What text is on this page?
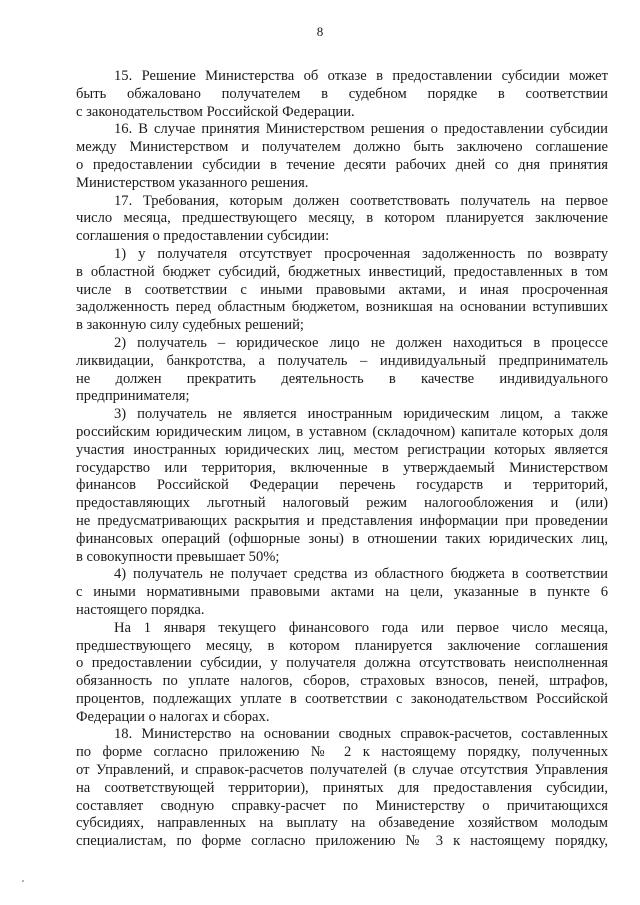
8
15. Решение Министерства об отказе в предоставлении субсидии может
быть обжаловано получателем в судебном порядке в соответствии
с законодательством Российской Федерации.
16. В случае принятия Министерством решения о предоставлении субсидии
между Министерством и получателем должно быть заключено соглашение
о предоставлении субсидии в течение десяти рабочих дней со дня принятия
Министерством указанного решения.
17. Требования, которым должен соответствовать получатель на первое
число месяца, предшествующего месяцу, в котором планируется заключение
соглашения о предоставлении субсидии:
1) у получателя отсутствует просроченная задолженность по возврату
в областной бюджет субсидий, бюджетных инвестиций, предоставленных в том
числе в соответствии с иными правовыми актами, и иная просроченная
задолженность перед областным бюджетом, возникшая на основании вступивших
в законную силу судебных решений;
2) получатель – юридическое лицо не должен находиться в процессе
ликвидации, банкротства, а получатель – индивидуальный предприниматель
не должен прекратить деятельность в качестве индивидуального
предпринимателя;
3) получатель не является иностранным юридическим лицом, а также
российским юридическим лицом, в уставном (складочном) капитале которых доля
участия иностранных юридических лиц, местом регистрации которых является
государство или территория, включенные в утверждаемый Министерством
финансов Российской Федерации перечень государств и территорий,
предоставляющих льготный налоговый режим налогообложения и (или)
не предусматривающих раскрытия и представления информации при проведении
финансовых операций (офшорные зоны) в отношении таких юридических лиц,
в совокупности превышает 50%;
4) получатель не получает средства из областного бюджета в соответствии
с иными нормативными правовыми актами на цели, указанные в пункте 6
настоящего порядка.
На 1 января текущего финансового года или первое число месяца,
предшествующего месяцу, в котором планируется заключение соглашения
о предоставлении субсидии, у получателя должна отсутствовать неисполненная
обязанность по уплате налогов, сборов, страховых взносов, пеней, штрафов,
процентов, подлежащих уплате в соответствии с законодательством Российской
Федерации о налогах и сборах.
18. Министерство на основании сводных справок-расчетов, составленных
по форме согласно приложению № 2 к настоящему порядку, полученных
от Управлений, и справок-расчетов получателей (в случае отсутствия Управления
на соответствующей территории), принятых для предоставления субсидии,
составляет сводную справку-расчет по Министерству о причитающихся
субсидиях, направленных на выплату на обзаведение хозяйством молодым
специалистам, по форме согласно приложению № 3 к настоящему порядку,
